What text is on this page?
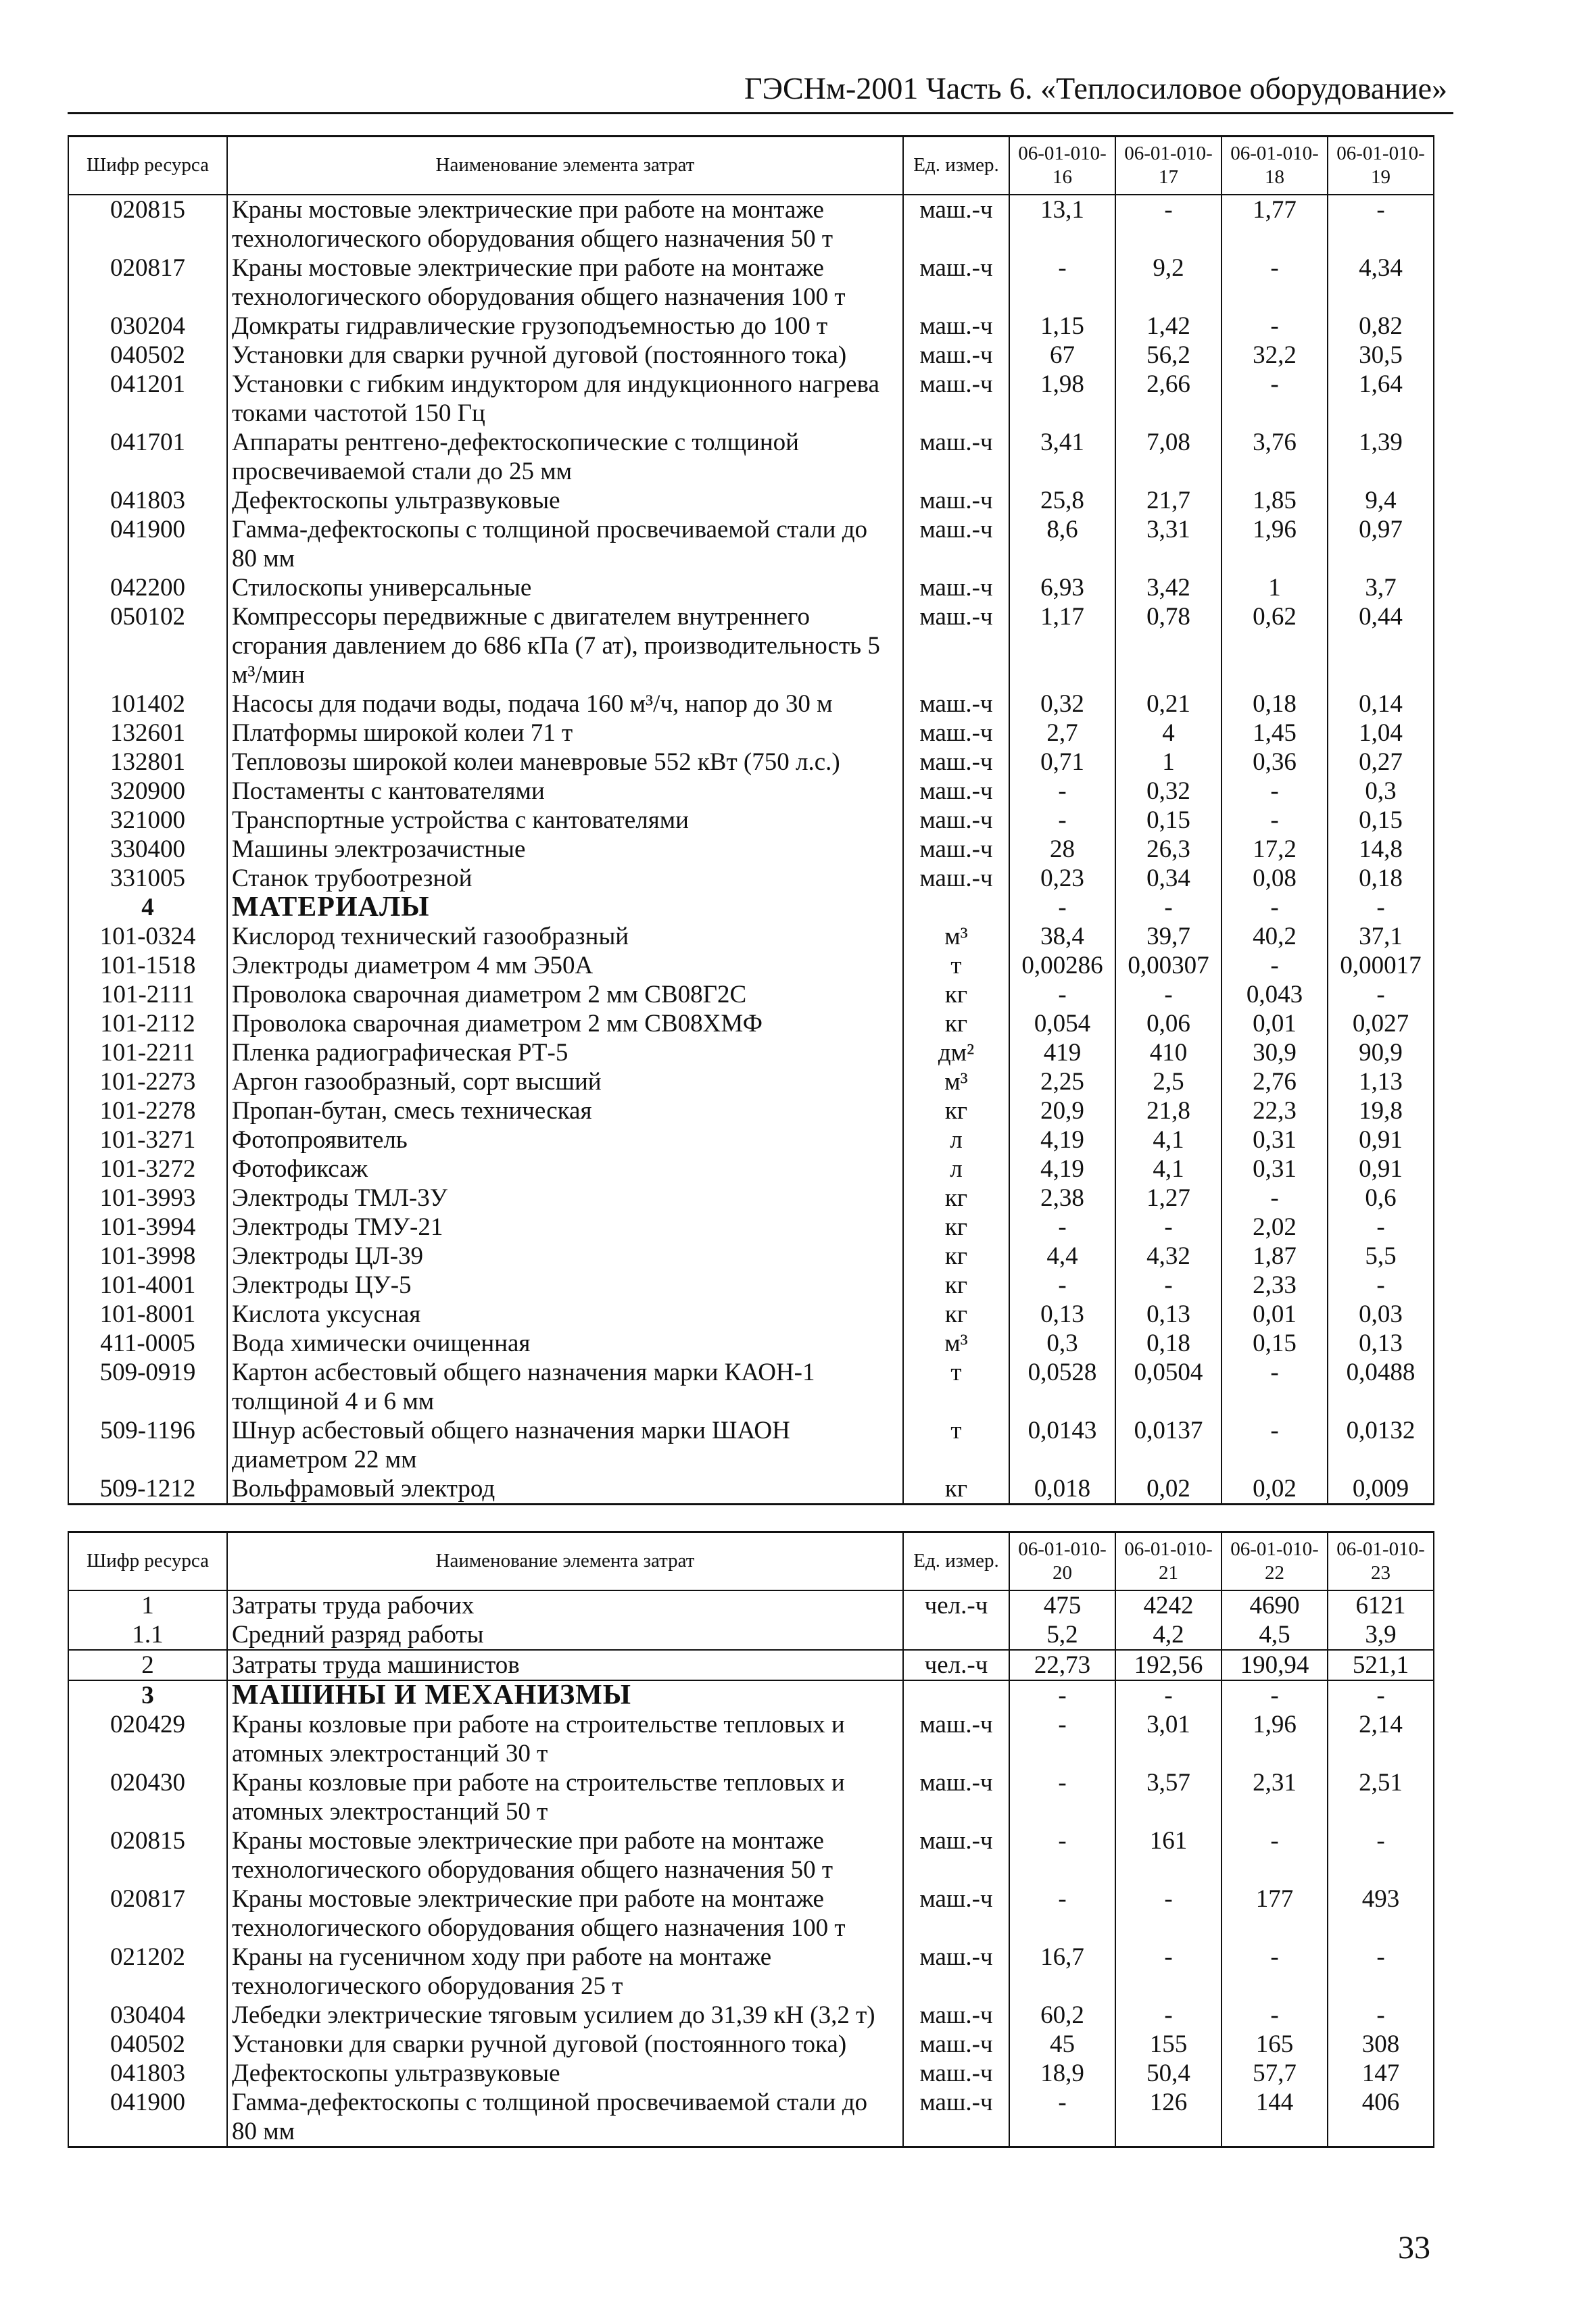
ГЭСНм-2001 Часть 6. «Теплосиловое оборудование»
Шифр ресурса	Наименование элемента затрат	Ед. измер.	06-01-010-16	06-01-010-17	06-01-010-18	06-01-010-19
020815	Краны мостовые электрические при работе на монтаже технологического оборудования общего назначения 50 т	маш.-ч	13,1	-	1,77	-
020817	Краны мостовые электрические при работе на монтаже технологического оборудования общего назначения 100 т	маш.-ч	-	9,2	-	4,34
030204	Домкраты гидравлические грузоподъемностью до 100 т	маш.-ч	1,15	1,42	-	0,82
040502	Установки для сварки ручной дуговой (постоянного тока)	маш.-ч	67	56,2	32,2	30,5
041201	Установки с гибким индуктором для индукционного нагрева токами частотой 150 Гц	маш.-ч	1,98	2,66	-	1,64
041701	Аппараты рентгено-дефектоскопические с толщиной просвечиваемой стали до 25 мм	маш.-ч	3,41	7,08	3,76	1,39
041803	Дефектоскопы ультразвуковые	маш.-ч	25,8	21,7	1,85	9,4
041900	Гамма-дефектоскопы с толщиной просвечиваемой стали до 80 мм	маш.-ч	8,6	3,31	1,96	0,97
042200	Стилоскопы универсальные	маш.-ч	6,93	3,42	1	3,7
050102	Компрессоры передвижные с двигателем внутреннего сгорания давлением до 686 кПа (7 ат), производительность 5 м³/мин	маш.-ч	1,17	0,78	0,62	0,44
101402	Насосы для подачи воды, подача 160 м³/ч, напор до 30 м	маш.-ч	0,32	0,21	0,18	0,14
132601	Платформы широкой колеи 71 т	маш.-ч	2,7	4	1,45	1,04
132801	Тепловозы широкой колеи маневровые 552 кВт (750 л.с.)	маш.-ч	0,71	1	0,36	0,27
320900	Постаменты с кантователями	маш.-ч	-	0,32	-	0,3
321000	Транспортные устройства с кантователями	маш.-ч	-	0,15	-	0,15
330400	Машины электрозачистные	маш.-ч	28	26,3	17,2	14,8
331005	Станок трубоотрезной	маш.-ч	0,23	0,34	0,08	0,18
4	МАТЕРИАЛЫ		-	-	-	-
101-0324	Кислород технический газообразный	м³	38,4	39,7	40,2	37,1
101-1518	Электроды диаметром 4 мм Э50А	т	0,00286	0,00307	-	0,00017
101-2111	Проволока сварочная диаметром 2 мм СВ08Г2С	кг	-	-	0,043	-
101-2112	Проволока сварочная диаметром 2 мм СВ08ХМФ	кг	0,054	0,06	0,01	0,027
101-2211	Пленка радиографическая РТ-5	дм²	419	410	30,9	90,9
101-2273	Аргон газообразный, сорт высший	м³	2,25	2,5	2,76	1,13
101-2278	Пропан-бутан, смесь техническая	кг	20,9	21,8	22,3	19,8
101-3271	Фотопроявитель	л	4,19	4,1	0,31	0,91
101-3272	Фотофиксаж	л	4,19	4,1	0,31	0,91
101-3993	Электроды ТМЛ-3У	кг	2,38	1,27	-	0,6
101-3994	Электроды ТМУ-21	кг	-	-	2,02	-
101-3998	Электроды ЦЛ-39	кг	4,4	4,32	1,87	5,5
101-4001	Электроды ЦУ-5	кг	-	-	2,33	-
101-8001	Кислота уксусная	кг	0,13	0,13	0,01	0,03
411-0005	Вода химически очищенная	м³	0,3	0,18	0,15	0,13
509-0919	Картон асбестовый общего назначения марки КАОН-1 толщиной 4 и 6 мм	т	0,0528	0,0504	-	0,0488
509-1196	Шнур асбестовый общего назначения марки ШАОН диаметром 22 мм	т	0,0143	0,0137	-	0,0132
509-1212	Вольфрамовый электрод	кг	0,018	0,02	0,02	0,009
Шифр ресурса	Наименование элемента затрат	Ед. измер.	06-01-010-20	06-01-010-21	06-01-010-22	06-01-010-23
1	Затраты труда рабочих	чел.-ч	475	4242	4690	6121
1.1	Средний разряд работы		5,2	4,2	4,5	3,9
2	Затраты труда машинистов	чел.-ч	22,73	192,56	190,94	521,1
3	МАШИНЫ И МЕХАНИЗМЫ		-	-	-	-
020429	Краны козловые при работе на строительстве тепловых и атомных электростанций 30 т	маш.-ч	-	3,01	1,96	2,14
020430	Краны козловые при работе на строительстве тепловых и атомных электростанций 50 т	маш.-ч	-	3,57	2,31	2,51
020815	Краны мостовые электрические при работе на монтаже технологического оборудования общего назначения 50 т	маш.-ч	-	161	-	-
020817	Краны мостовые электрические при работе на монтаже технологического оборудования общего назначения 100 т	маш.-ч	-	-	177	493
021202	Краны на гусеничном ходу при работе на монтаже технологического оборудования 25 т	маш.-ч	16,7	-	-	-
030404	Лебедки электрические тяговым усилием до 31,39 кН (3,2 т)	маш.-ч	60,2	-	-	-
040502	Установки для сварки ручной дуговой (постоянного тока)	маш.-ч	45	155	165	308
041803	Дефектоскопы ультразвуковые	маш.-ч	18,9	50,4	57,7	147
041900	Гамма-дефектоскопы с толщиной просвечиваемой стали до 80 мм	маш.-ч	-	126	144	406
33
